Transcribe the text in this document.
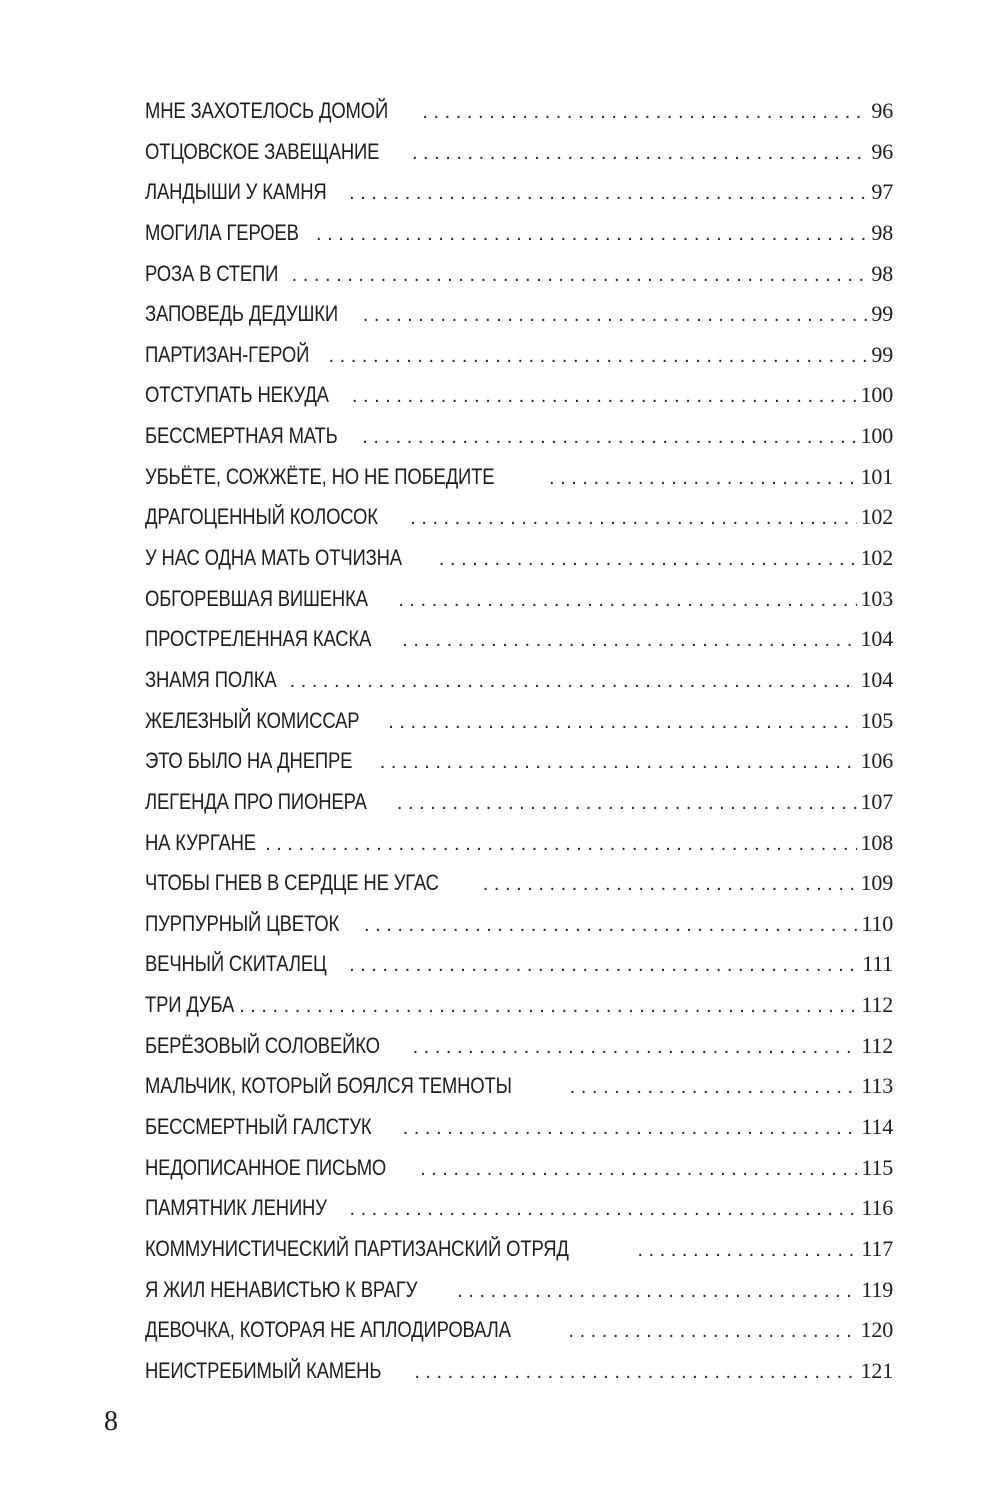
МНЕ ЗАХОТЕЛОСЬ ДОМОЙ . . .	96
ОТЦОВСКОЕ ЗАВЕЩАНИЕ . . .	96
ЛАНДЫШИ У КАМНЯ . . .	97
МОГИЛА ГЕРОЕВ . . .	98
РОЗА В СТЕПИ . . .	98
ЗАПОВЕДЬ ДЕДУШКИ . . .	99
ПАРТИЗАН-ГЕРОЙ . . .	99
ОТСТУПАТЬ НЕКУДА . . .	100
БЕССМЕРТНАЯ МАТЬ . . .	100
УБЬЁТЕ, СОЖЖЁТЕ, НО НЕ ПОБЕДИТЕ . . .	101
ДРАГОЦЕННЫЙ КОЛОСОК . . .	102
У НАС ОДНА МАТЬ ОТЧИЗНА . . .	102
ОБГОРЕВШАЯ ВИШЕНКА . . .	103
ПРОСТРЕЛЕННАЯ КАСКА . . .	104
ЗНАМЯ ПОЛКА . . .	104
ЖЕЛЕЗНЫЙ КОМИССАР . . .	105
ЭТО БЫЛО НА ДНЕПРЕ . . .	106
ЛЕГЕНДА ПРО ПИОНЕРА . . .	107
НА КУРГАНЕ . . .	108
ЧТОБЫ ГНЕВ В СЕРДЦЕ НЕ УГАС . . .	109
ПУРПУРНЫЙ ЦВЕТОК . . .	110
ВЕЧНЫЙ СКИТАЛЕЦ . . .	111
ТРИ ДУБА . . .	112
БЕРЁЗОВЫЙ СОЛОВЕЙКО . . .	112
МАЛЬЧИК, КОТОРЫЙ БОЯЛСЯ ТЕМНОТЫ . . .	113
БЕССМЕРТНЫЙ ГАЛСТУК . . .	114
НЕДОПИСАННОЕ ПИСЬМО . . .	115
ПАМЯТНИК ЛЕНИНУ . . .	116
КОММУНИСТИЧЕСКИЙ ПАРТИЗАНСКИЙ ОТРЯД . . .	117
Я ЖИЛ НЕНАВИСТЬЮ К ВРАГУ . . .	119
ДЕВОЧКА, КОТОРАЯ НЕ АПЛОДИРОВАЛА . . .	120
НЕИСТРЕБИМЫЙ КАМЕНЬ . . .	121
8
